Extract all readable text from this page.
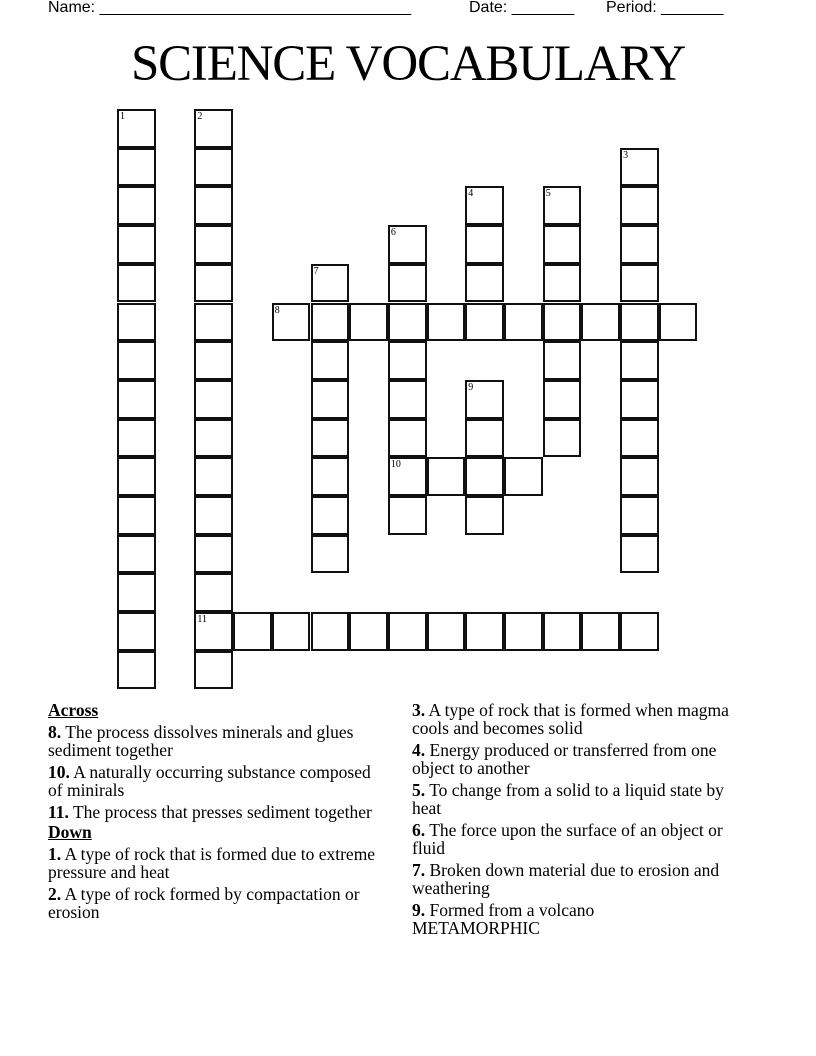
Name: ___________________________________	Date: _______ Period: _______
SCIENCE VOCABULARY
1	2
11
3
4	5
6
10
7
8
9
Across
8. The process dissolves minerals and glues sediment together
10. A naturally occurring substance composed of minirals
11. The process that presses sediment together
Down
1. A type of rock that is formed due to extreme pressure and heat
2. A type of rock formed by compactation or erosion
3. A type of rock that is formed when magma cools and becomes solid
4. Energy produced or transferred from one object to another
5. To change from a solid to a liquid state by heat
6. The force upon the surface of an object or fluid
7. Broken down material due to erosion and weathering
9. Formed from a volcano
METAMORPHIC
